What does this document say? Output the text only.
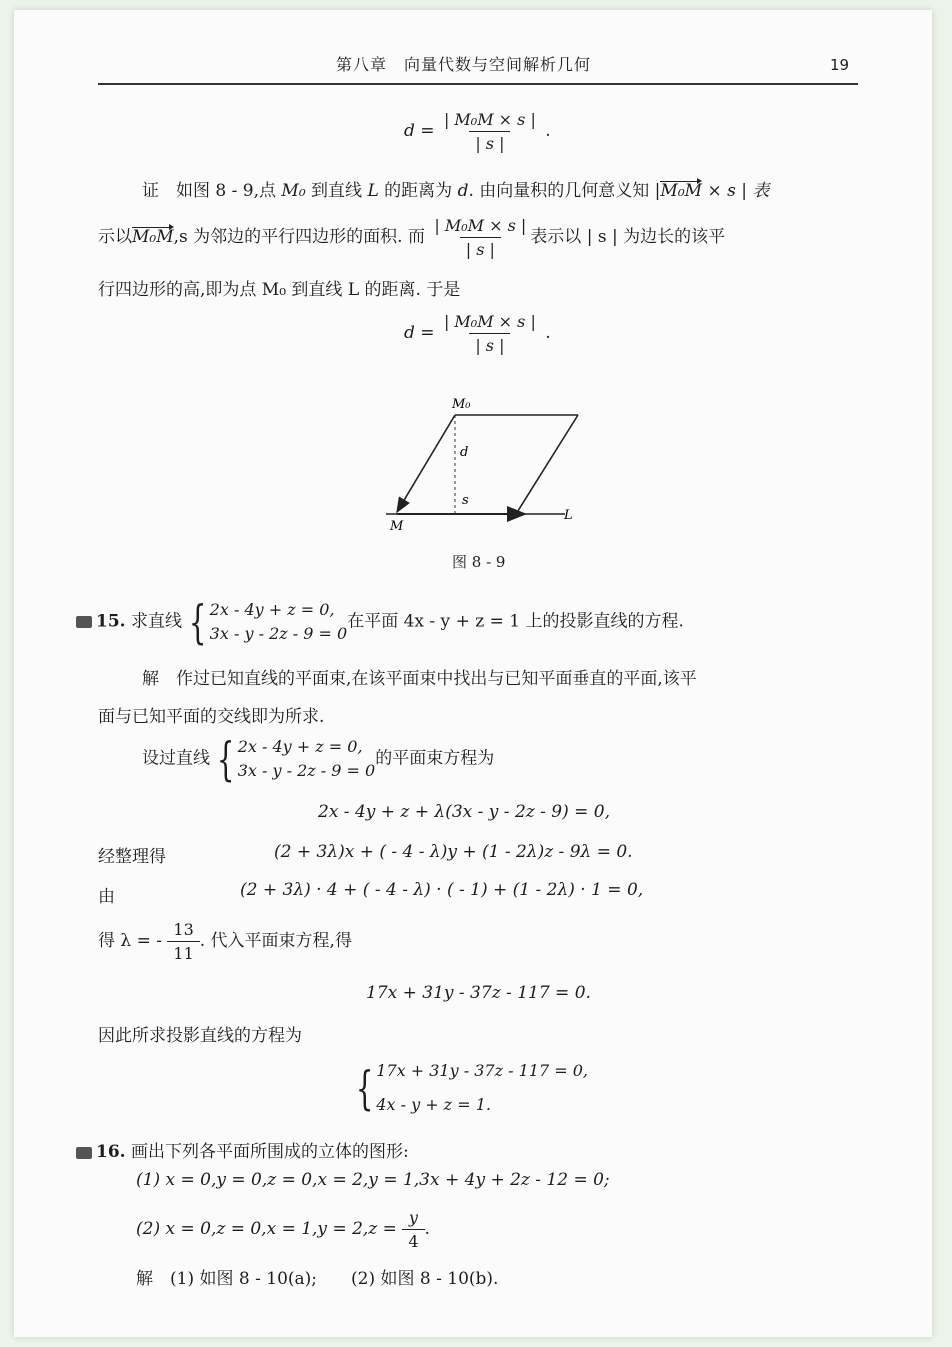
第八章　向量代数与空间解析几何	19
$d = \frac{\text{| M₀M × s |}}{| s |}$ .
证　如图 8 - 9,点 M₀ 到直线 L 的距离为 d. 由向量积的几何意义知 |M₀M × s | 表
示以M₀M,s 为邻边的平行四边形的面积. 而 $\frac{\text{| M₀M × s |}}{| s |}$ 表示以 | s | 为边长的该平
行四边形的高,即为点 M₀ 到直线 L 的距离. 于是
$d = \frac{\text{| M₀M × s |}}{| s |}$ .
M₀
d
s
M
L
图 8 - 9
15. 求直线 { 2x - 4y + z = 0,
3x - y - 2z - 9 = 0
在平面 4x - y + z = 1 上的投影直线的方程.
解　作过已知直线的平面束,在该平面束中找出与已知平面垂直的平面,该平
面与已知平面的交线即为所求.
设过直线 { 2x - 4y + z = 0,
3x - y - 2z - 9 = 0
的平面束方程为
2x - 4y + z + λ(3x - y - 2z - 9) = 0,
经整理得	(2 + 3λ)x + ( - 4 - λ)y + (1 - 2λ)z - 9λ = 0.
由	(2 + 3λ) · 4 + ( - 4 - λ) · ( - 1) + (1 - 2λ) · 1 = 0,
得 λ = - $\frac{13}{11}$ . 代入平面束方程,得
17x + 31y - 37z - 117 = 0.
因此所求投影直线的方程为
{ 17x + 31y - 37z - 117 = 0,
4x - y + z = 1.
16. 画出下列各平面所围成的立体的图形:
(1) x = 0,y = 0,z = 0,x = 2,y = 1,3x + 4y + 2z - 12 = 0;
(2) $x = 0,z = 0,x = 1,y = 2,z = \frac{y}{4}$ .
解　(1) 如图 8 - 10(a);　　(2) 如图 8 - 10(b).
